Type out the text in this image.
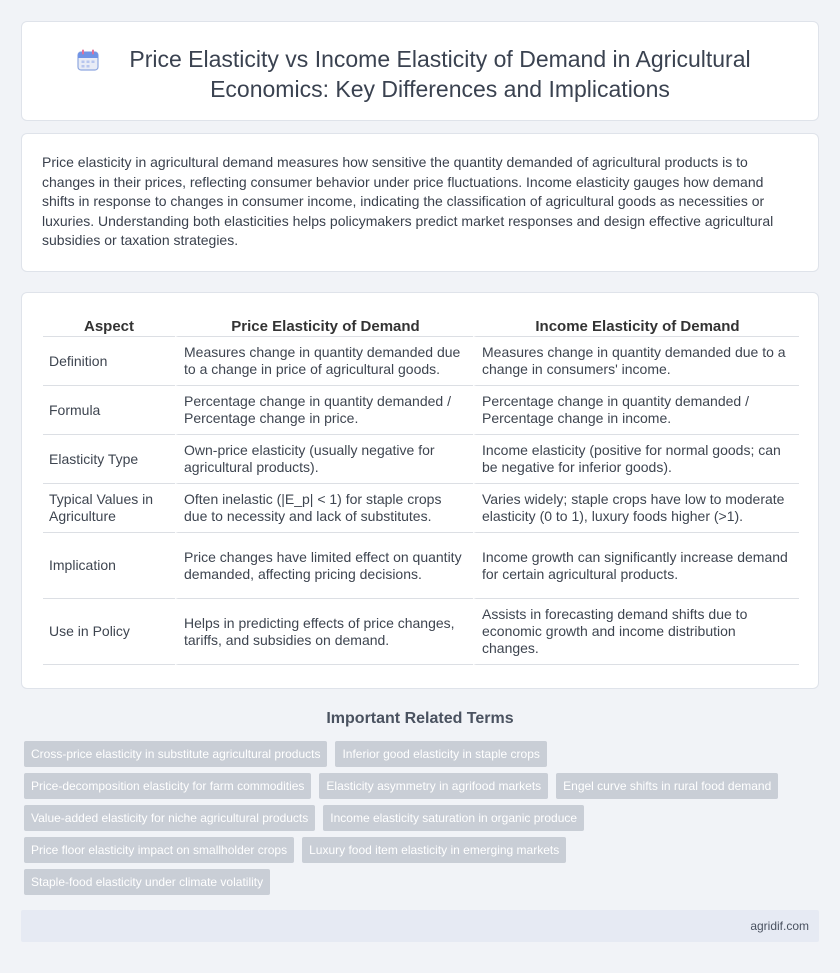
Price Elasticity vs Income Elasticity of Demand in Agricultural Economics: Key Differences and Implications

Price elasticity in agricultural demand measures how sensitive the quantity demanded of agricultural products is to changes in their prices, reflecting consumer behavior under price fluctuations. Income elasticity gauges how demand shifts in response to changes in consumer income, indicating the classification of agricultural goods as necessities or luxuries. Understanding both elasticities helps policymakers predict market responses and design effective agricultural subsidies or taxation strategies.

Aspect	Price Elasticity of Demand	Income Elasticity of Demand
Definition	Measures change in quantity demanded due to a change in price of agricultural goods.	Measures change in quantity demanded due to a change in consumers' income.
Formula	Percentage change in quantity demanded / Percentage change in price.	Percentage change in quantity demanded / Percentage change in income.
Elasticity Type	Own-price elasticity (usually negative for agricultural products).	Income elasticity (positive for normal goods; can be negative for inferior goods).
Typical Values in Agriculture	Often inelastic (|E_p| < 1) for staple crops due to necessity and lack of substitutes.	Varies widely; staple crops have low to moderate elasticity (0 to 1), luxury foods higher (>1).
Implication	Price changes have limited effect on quantity demanded, affecting pricing decisions.	Income growth can significantly increase demand for certain agricultural products.
Use in Policy	Helps in predicting effects of price changes, tariffs, and subsidies on demand.	Assists in forecasting demand shifts due to economic growth and income distribution changes.
Important Related Terms
Cross-price elasticity in substitute agricultural products	Inferior good elasticity in staple crops
Price-decomposition elasticity for farm commodities	Elasticity asymmetry in agrifood markets	Engel curve shifts in rural food demand
Value-added elasticity for niche agricultural products	Income elasticity saturation in organic produce
Price floor elasticity impact on smallholder crops	Luxury food item elasticity in emerging markets
Staple-food elasticity under climate volatility
agridif.com
